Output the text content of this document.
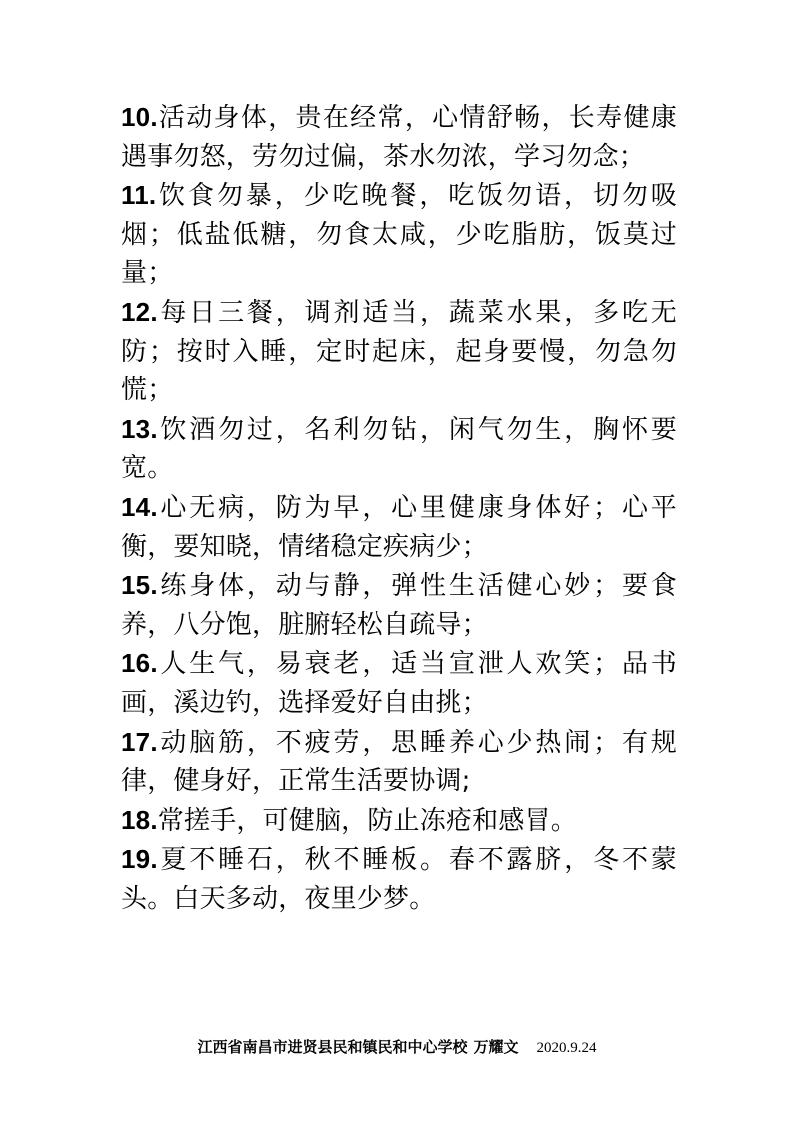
10.活动身体，贵在经常，心情舒畅，长寿健康遇事勿怒，劳勿过偏，茶水勿浓，学习勿念；

11.饮食勿暴，少吃晚餐，吃饭勿语，切勿吸烟；低盐低糖，勿食太咸，少吃脂肪，饭莫过量；

12.每日三餐，调剂适当，蔬菜水果，多吃无防；按时入睡，定时起床，起身要慢，勿急勿慌；

13.饮酒勿过，名利勿钻，闲气勿生，胸怀要宽。

14.心无病，防为早，心里健康身体好；心平衡，要知晓，情绪稳定疾病少；

15.练身体，动与静，弹性生活健心妙；要食养，八分饱，脏腑轻松自疏导；

16.人生气，易衰老，适当宣泄人欢笑；品书画，溪边钓，选择爱好自由挑；

17.动脑筋，不疲劳，思睡养心少热闹；有规律，健身好，正常生活要协调;

18.常搓手，可健脑，防止冻疮和感冒。

19.夏不睡石，秋不睡板。春不露脐，冬不蒙头。白天多动，夜里少梦。

江西省南昌市进贤县民和镇民和中心学校 万耀文 2020.9.24
